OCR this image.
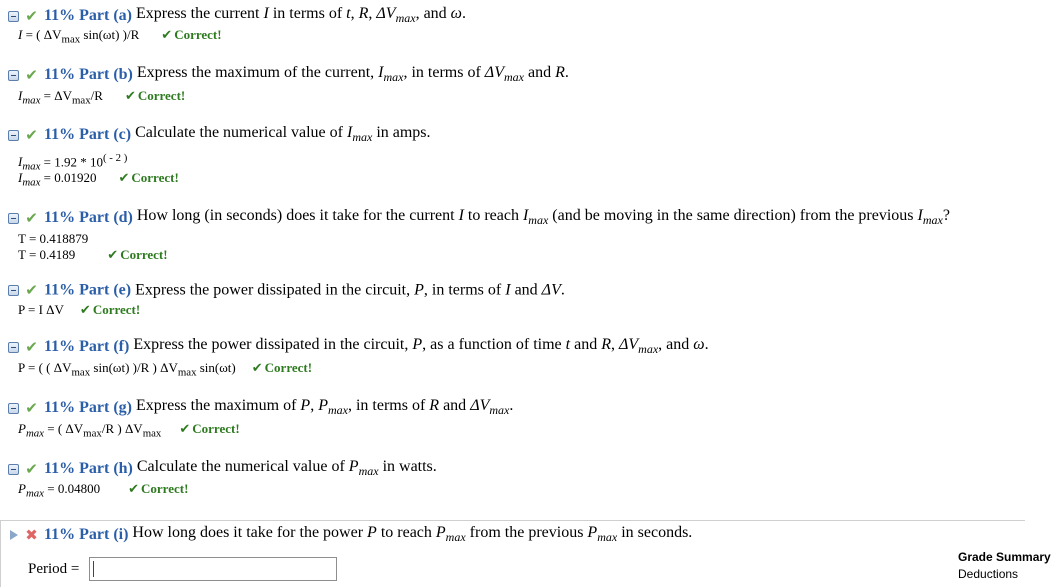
✔ 11% Part (a) Express the current I in terms of t, R, $\Delta V_{max}$, and ω.
I = ( $\Delta V_{max}$ sin(ωt) )/R ✔ Correct!
✔ 11% Part (b) Express the maximum of the current, $I_{max}$, in terms of $\Delta V_{max}$ and R.
$I_{max} = \Delta V_{max}/R$ ✔ Correct!
✔ 11% Part (c) Calculate the numerical value of $I_{max}$ in amps.
$I_{max} = 1.92 * 10^{( - 2 )}$
$I_{max} = 0.01920$ ✔ Correct!
✔ 11% Part (d) How long (in seconds) does it take for the current I to reach $I_{max}$ (and be moving in the same direction) from the previous $I_{max}$?
T = 0.418879
T = 0.4189 ✔ Correct!
✔ 11% Part (e) Express the power dissipated in the circuit, P, in terms of I and ΔV.
P = I ΔV ✔ Correct!
✔ 11% Part (f) Express the power dissipated in the circuit, P, as a function of time t and R, $\Delta V_{max}$, and ω.
P = ( ( $\Delta V_{max}$ sin(ωt) )/R ) $\Delta V_{max}$ sin(ωt) ✔ Correct!
✔ 11% Part (g) Express the maximum of P, $P_{max}$, in terms of R and $\Delta V_{max}$.
$P_{max}$ = ( $\Delta V_{max}/R$ ) $\Delta V_{max}$ ✔ Correct!
✔ 11% Part (h) Calculate the numerical value of $P_{max}$ in watts.
$P_{max} = 0.04800$ ✔ Correct!
✖ 11% Part (i) How long does it take for the power P to reach $P_{max}$ from the previous $P_{max}$ in seconds.
Period =
Grade Summary
Deductions
